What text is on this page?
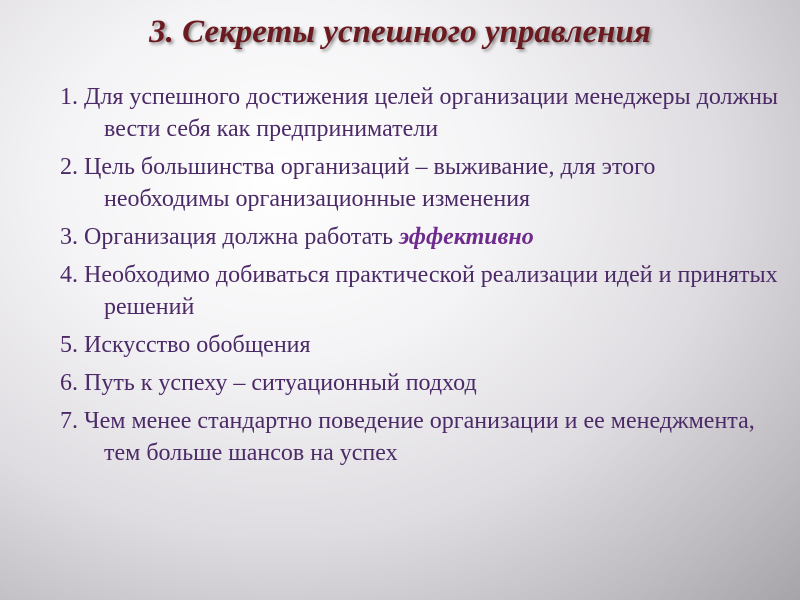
3. Секреты успешного управления
1. Для успешного достижения целей организации менеджеры должны вести себя как предприниматели
2. Цель большинства организаций – выживание, для этого необходимы организационные изменения
3. Организация должна работать эффективно
4. Необходимо добиваться практической реализации идей и принятых решений
5. Искусство обобщения
6. Путь к успеху – ситуационный подход
7. Чем менее стандартно поведение организации и ее менеджмента, тем больше шансов на успех
